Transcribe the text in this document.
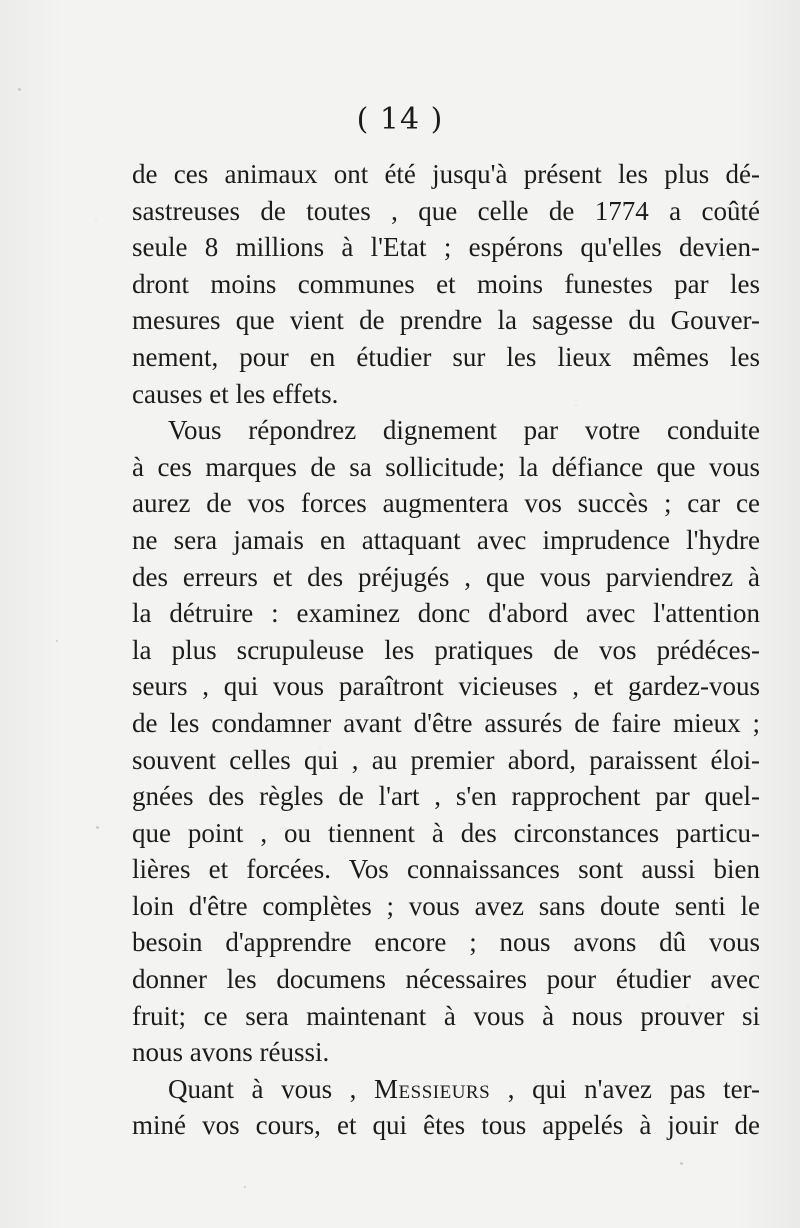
( 14 )
de ces animaux ont été jusqu'à présent les plus dé-
sastreuses de toutes , que celle de 1774 a coûté
seule 8 millions à l'Etat ; espérons qu'elles devien-
dront moins communes et moins funestes par les
mesures que vient de prendre la sagesse du Gouver-
nement, pour en étudier sur les lieux mêmes les
causes et les effets.
Vous répondrez dignement par votre conduite
à ces marques de sa sollicitude; la défiance que vous
aurez de vos forces augmentera vos succès ; car ce
ne sera jamais en attaquant avec imprudence l'hydre
des erreurs et des préjugés , que vous parviendrez à
la détruire : examinez donc d'abord avec l'attention
la plus scrupuleuse les pratiques de vos prédéces-
seurs , qui vous paraîtront vicieuses , et gardez-vous
de les condamner avant d'être assurés de faire mieux ;
souvent celles qui , au premier abord, paraissent éloi-
gnées des règles de l'art , s'en rapprochent par quel-
que point , ou tiennent à des circonstances particu-
lières et forcées. Vos connaissances sont aussi bien
loin d'être complètes ; vous avez sans doute senti le
besoin d'apprendre encore ; nous avons dû vous
donner les documens nécessaires pour étudier avec
fruit; ce sera maintenant à vous à nous prouver si
nous avons réussi.
Quant à vous , Messieurs , qui n'avez pas ter-
miné vos cours, et qui êtes tous appelés à jouir de
